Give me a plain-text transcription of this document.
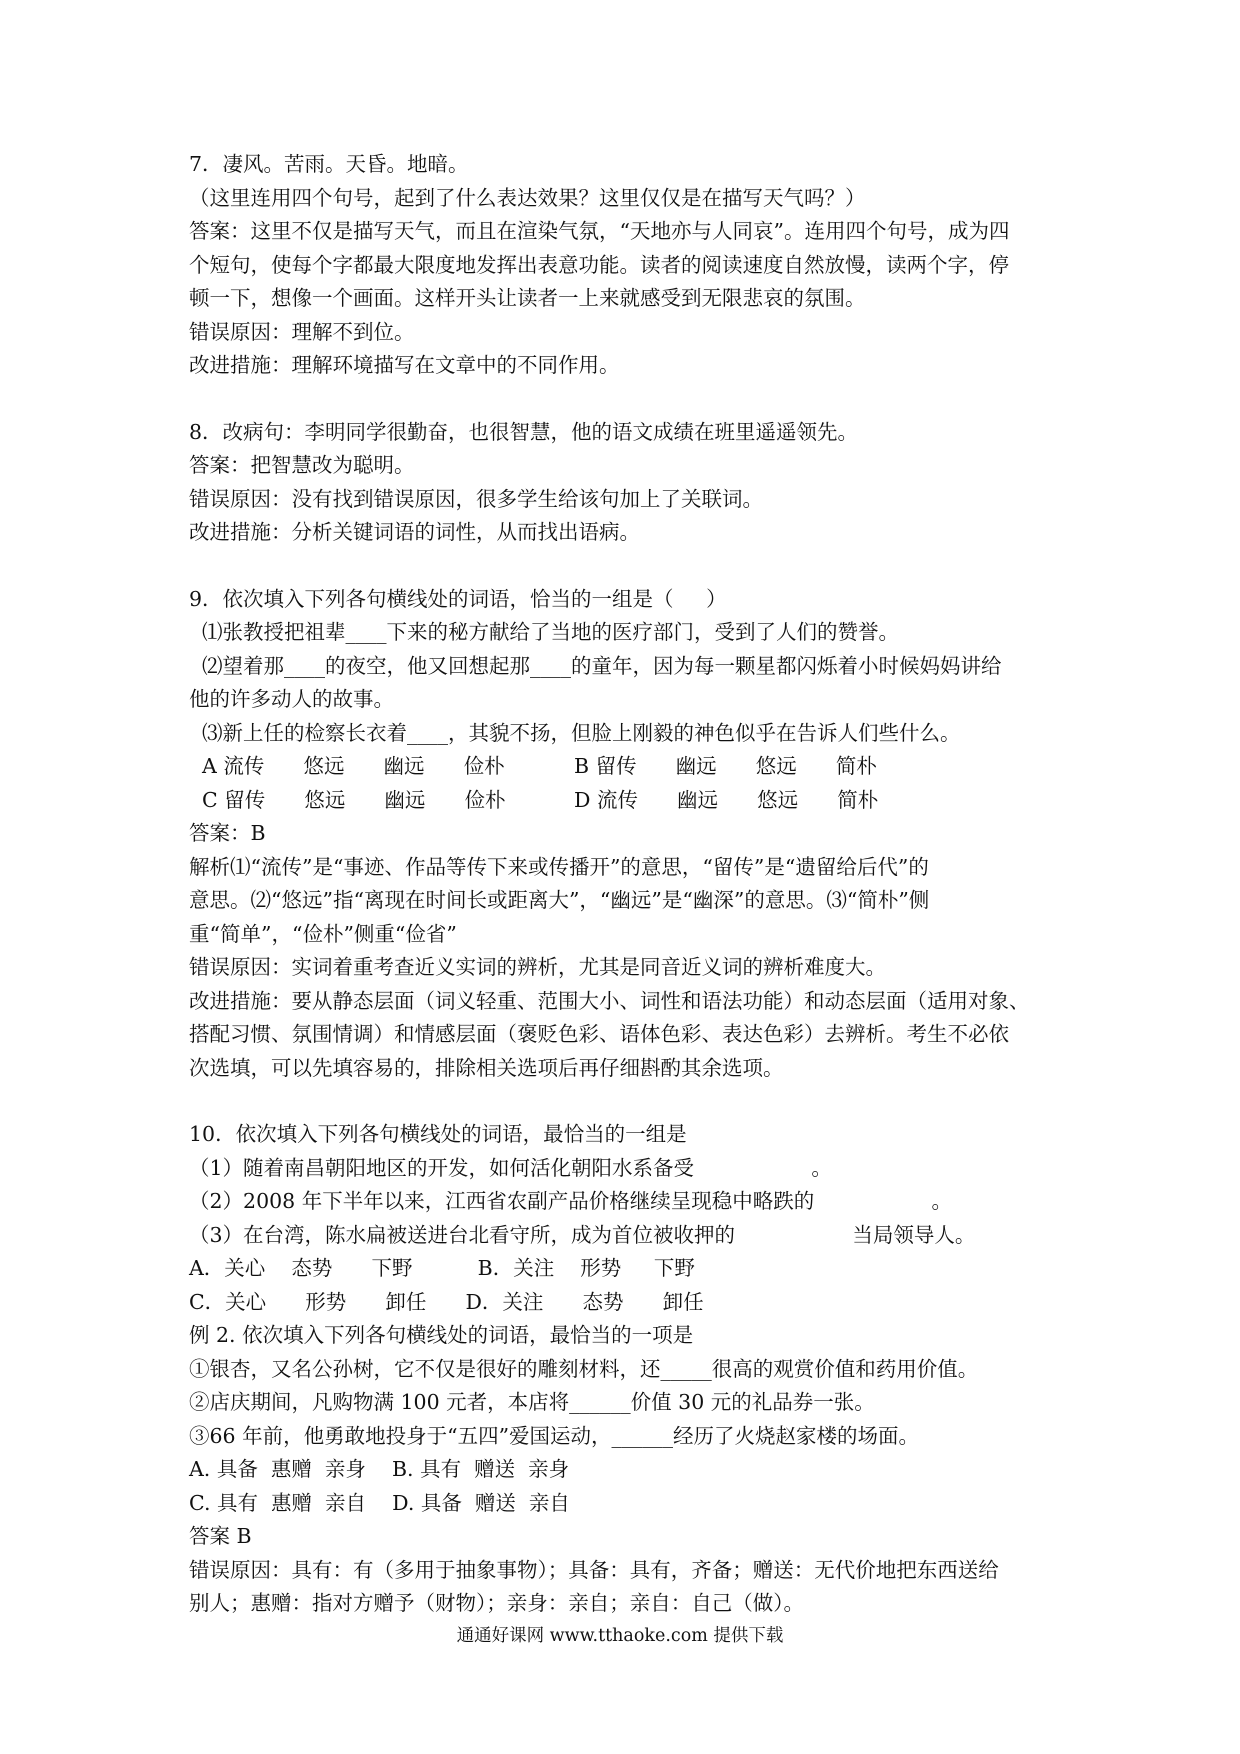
7．凄风。苦雨。天昏。地暗。
（这里连用四个句号，起到了什么表达效果？这里仅仅是在描写天气吗？）
答案：这里不仅是描写天气，而且在渲染气氛，“天地亦与人同哀”。连用四个句号，成为四
个短句，使每个字都最大限度地发挥出表意功能。读者的阅读速度自然放慢，读两个字，停
顿一下，想像一个画面。这样开头让读者一上来就感受到无限悲哀的氛围。
错误原因：理解不到位。
改进措施：理解环境描写在文章中的不同作用。
8．改病句：李明同学很勤奋，也很智慧，他的语文成绩在班里遥遥领先。
答案：把智慧改为聪明。
错误原因：没有找到错误原因，很多学生给该句加上了关联词。
改进措施：分析关键词语的词性，从而找出语病。
9．依次填入下列各句横线处的词语，恰当的一组是（     ）
⑴张教授把祖辈____下来的秘方献给了当地的医疗部门，受到了人们的赞誉。
⑵望着那____的夜空，他又回想起那____的童年，因为每一颗星都闪烁着小时候妈妈讲给
他的许多动人的故事。
⑶新上任的检察长衣着____，其貌不扬，但脸上刚毅的神色似乎在告诉人们些什么。
A 流传      悠远      幽远      俭朴	B 留传      幽远      悠远      简朴
C 留传      悠远      幽远      俭朴	D 流传      幽远      悠远      简朴
答案：B
解析⑴“流传”是“事迹、作品等传下来或传播开”的意思，“留传”是“遗留给后代”的
意思。⑵“悠远”指“离现在时间长或距离大”，“幽远”是“幽深”的意思。⑶“简朴”侧
重“简单”，“俭朴”侧重“俭省”
错误原因：实词着重考查近义实词的辨析，尤其是同音近义词的辨析难度大。
改进措施：要从静态层面（词义轻重、范围大小、词性和语法功能）和动态层面（适用对象、
搭配习惯、氛围情调）和情感层面（褒贬色彩、语体色彩、表达色彩）去辨析。考生不必依
次选填，可以先填容易的，排除相关选项后再仔细斟酌其余选项。
10．依次填入下列各句横线处的词语，最恰当的一组是
（1）随着南昌朝阳地区的开发，如何活化朝阳水系备受                  。
（2）2008 年下半年以来，江西省农副产品价格继续呈现稳中略跌的                  。
（3）在台湾，陈水扁被送进台北看守所，成为首位被收押的                  当局领导人。
A．关心    态势      下野          B．关注    形势     下野
C．关心      形势      卸任      D．关注      态势      卸任
例 2. 依次填入下列各句横线处的词语，最恰当的一项是
①银杏，又名公孙树，它不仅是很好的雕刻材料，还_____很高的观赏价值和药用价值。
②店庆期间，凡购物满 100 元者，本店将______价值 30 元的礼品券一张。
③66 年前，他勇敢地投身于“五四”爱国运动，______经历了火烧赵家楼的场面。
A. 具备  惠赠  亲身    B. 具有  赠送  亲身
C. 具有  惠赠  亲自    D. 具备  赠送  亲自
答案 B
错误原因：具有：有（多用于抽象事物）；具备：具有，齐备；赠送：无代价地把东西送给
别人；惠赠：指对方赠予（财物）；亲身：亲自；亲自：自己（做）。
通通好课网 www.tthaoke.com 提供下载
